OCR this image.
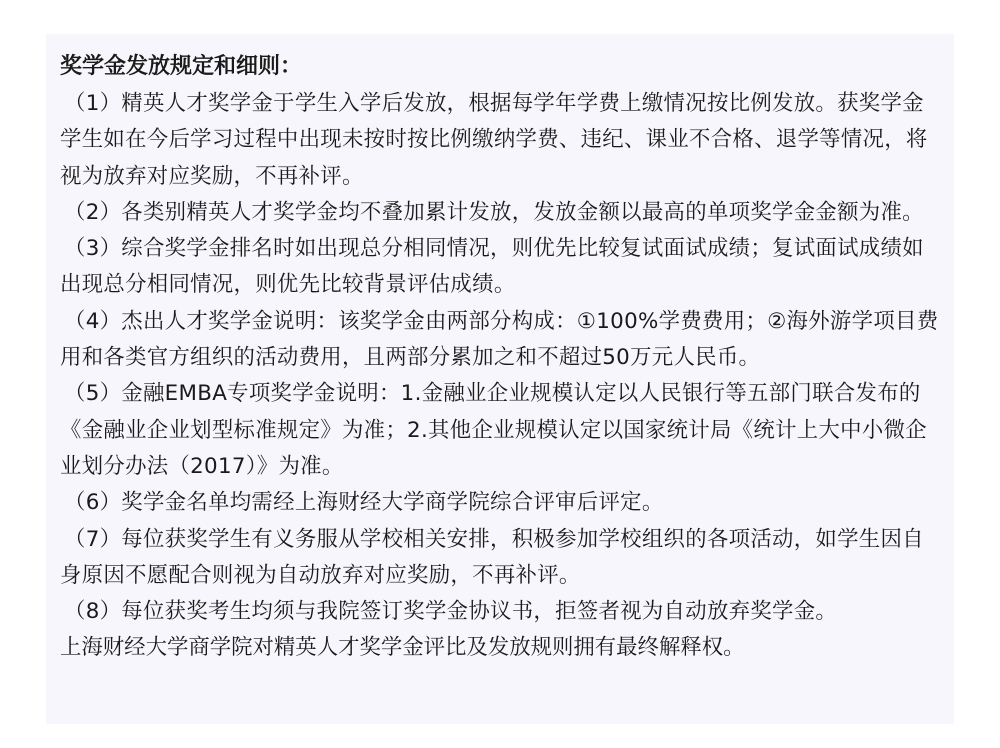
奖学金发放规定和细则：

（1）精英人才奖学金于学生入学后发放，根据每学年学费上缴情况按比例发放。获奖学金学生如在今后学习过程中出现未按时按比例缴纳学费、违纪、课业不合格、退学等情况，将视为放弃对应奖励，不再补评。

（2）各类别精英人才奖学金均不叠加累计发放，发放金额以最高的单项奖学金金额为准。

（3）综合奖学金排名时如出现总分相同情况，则优先比较复试面试成绩；复试面试成绩如出现总分相同情况，则优先比较背景评估成绩。

（4）杰出人才奖学金说明：该奖学金由两部分构成：①100%学费费用；②海外游学项目费用和各类官方组织的活动费用，且两部分累加之和不超过50万元人民币。

（5）金融EMBA专项奖学金说明：1.金融业企业规模认定以人民银行等五部门联合发布的《金融业企业划型标准规定》为准；2.其他企业规模认定以国家统计局《统计上大中小微企业划分办法（2017）》为准。

（6）奖学金名单均需经上海财经大学商学院综合评审后评定。

（7）每位获奖学生有义务服从学校相关安排，积极参加学校组织的各项活动，如学生因自身原因不愿配合则视为自动放弃对应奖励，不再补评。

（8）每位获奖考生均须与我院签订奖学金协议书，拒签者视为自动放弃奖学金。

上海财经大学商学院对精英人才奖学金评比及发放规则拥有最终解释权。
